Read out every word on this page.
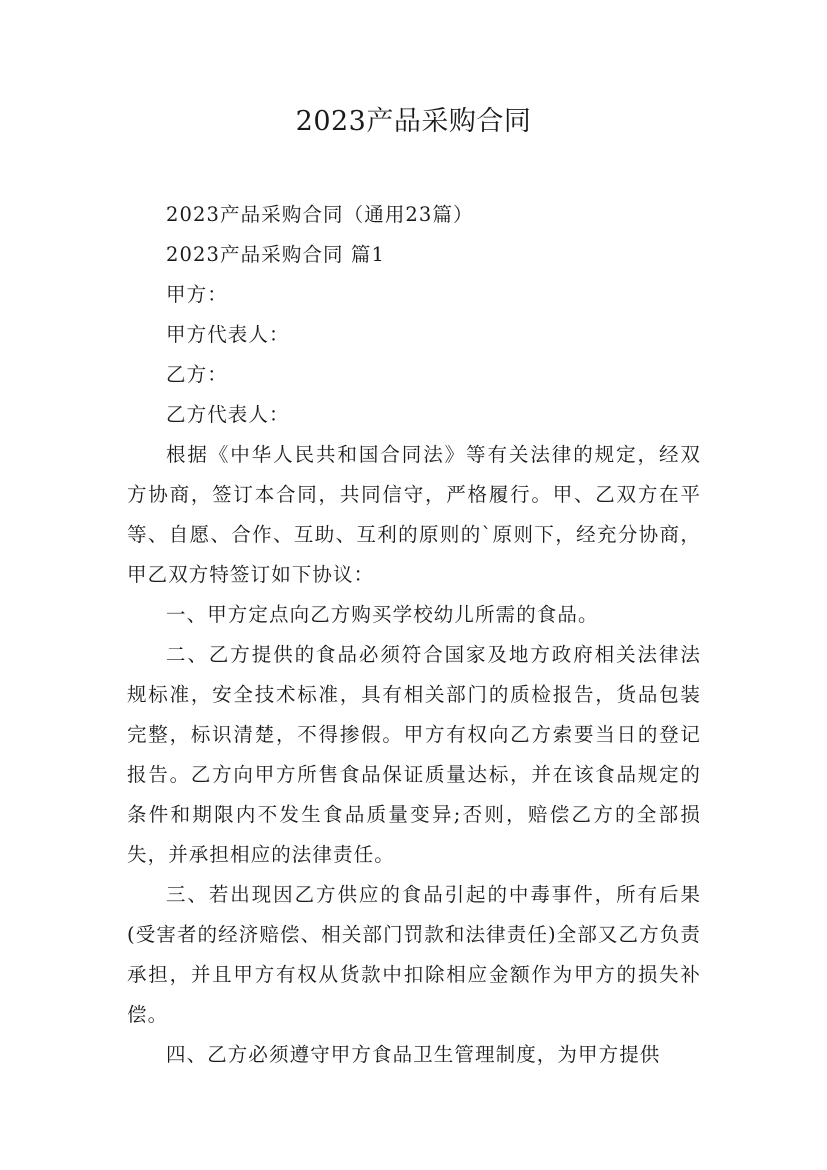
2023产品采购合同

2023产品采购合同（通用23篇）

2023产品采购合同 篇1

甲方：

甲方代表人：

乙方：

乙方代表人：

根据《中华人民共和国合同法》等有关法律的规定，经双方协商，签订本合同，共同信守，严格履行。甲、乙双方在平等、自愿、合作、互助、互利的原则的`原则下，经充分协商，甲乙双方特签订如下协议：

一、甲方定点向乙方购买学校幼儿所需的食品。

二、乙方提供的食品必须符合国家及地方政府相关法律法规标准，安全技术标准，具有相关部门的质检报告，货品包装完整，标识清楚，不得掺假。甲方有权向乙方索要当日的登记报告。乙方向甲方所售食品保证质量达标，并在该食品规定的条件和期限内不发生食品质量变异;否则，赔偿乙方的全部损失，并承担相应的法律责任。

三、若出现因乙方供应的食品引起的中毒事件，所有后果(受害者的经济赔偿、相关部门罚款和法律责任)全部又乙方负责承担，并且甲方有权从货款中扣除相应金额作为甲方的损失补偿。

四、乙方必须遵守甲方食品卫生管理制度，为甲方提供
